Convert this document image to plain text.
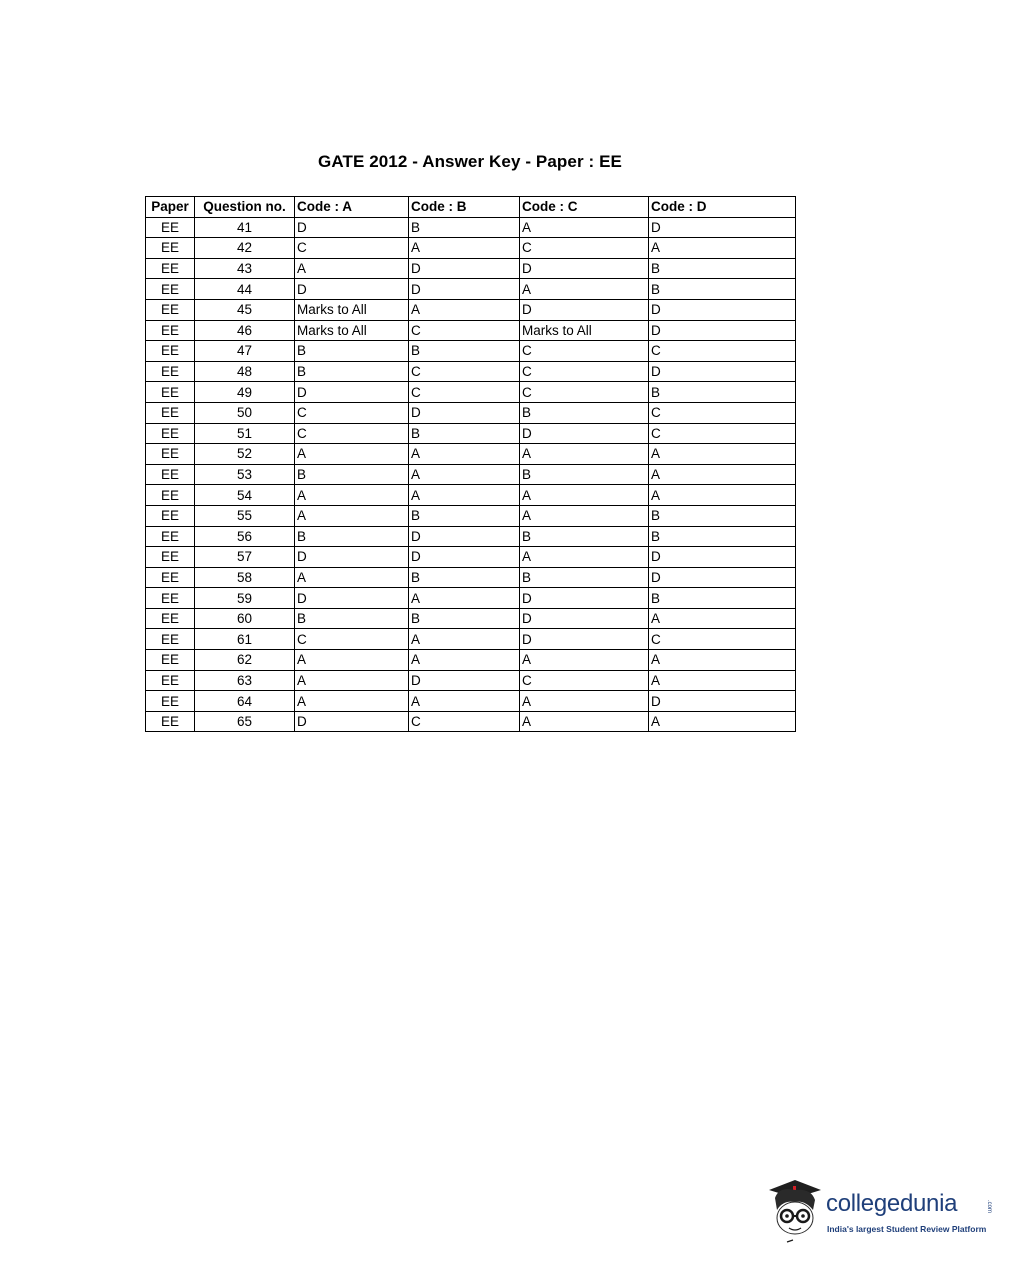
GATE 2012 - Answer Key - Paper : EE
Paper	Question no.	Code : A	Code : B	Code : C	Code : D
EE	41	D	B	A	D
EE	42	C	A	C	A
EE	43	A	D	D	B
EE	44	D	D	A	B
EE	45	Marks to All	A	D	D
EE	46	Marks to All	C	Marks to All	D
EE	47	B	B	C	C
EE	48	B	C	C	D
EE	49	D	C	C	B
EE	50	C	D	B	C
EE	51	C	B	D	C
EE	52	A	A	A	A
EE	53	B	A	B	A
EE	54	A	A	A	A
EE	55	A	B	A	B
EE	56	B	D	B	B
EE	57	D	D	A	D
EE	58	A	B	B	D
EE	59	D	A	D	B
EE	60	B	B	D	A
EE	61	C	A	D	C
EE	62	A	A	A	A
EE	63	A	D	C	A
EE	64	A	A	A	D
EE	65	D	C	A	A
collegedunia	.com
India's largest Student Review Platform
